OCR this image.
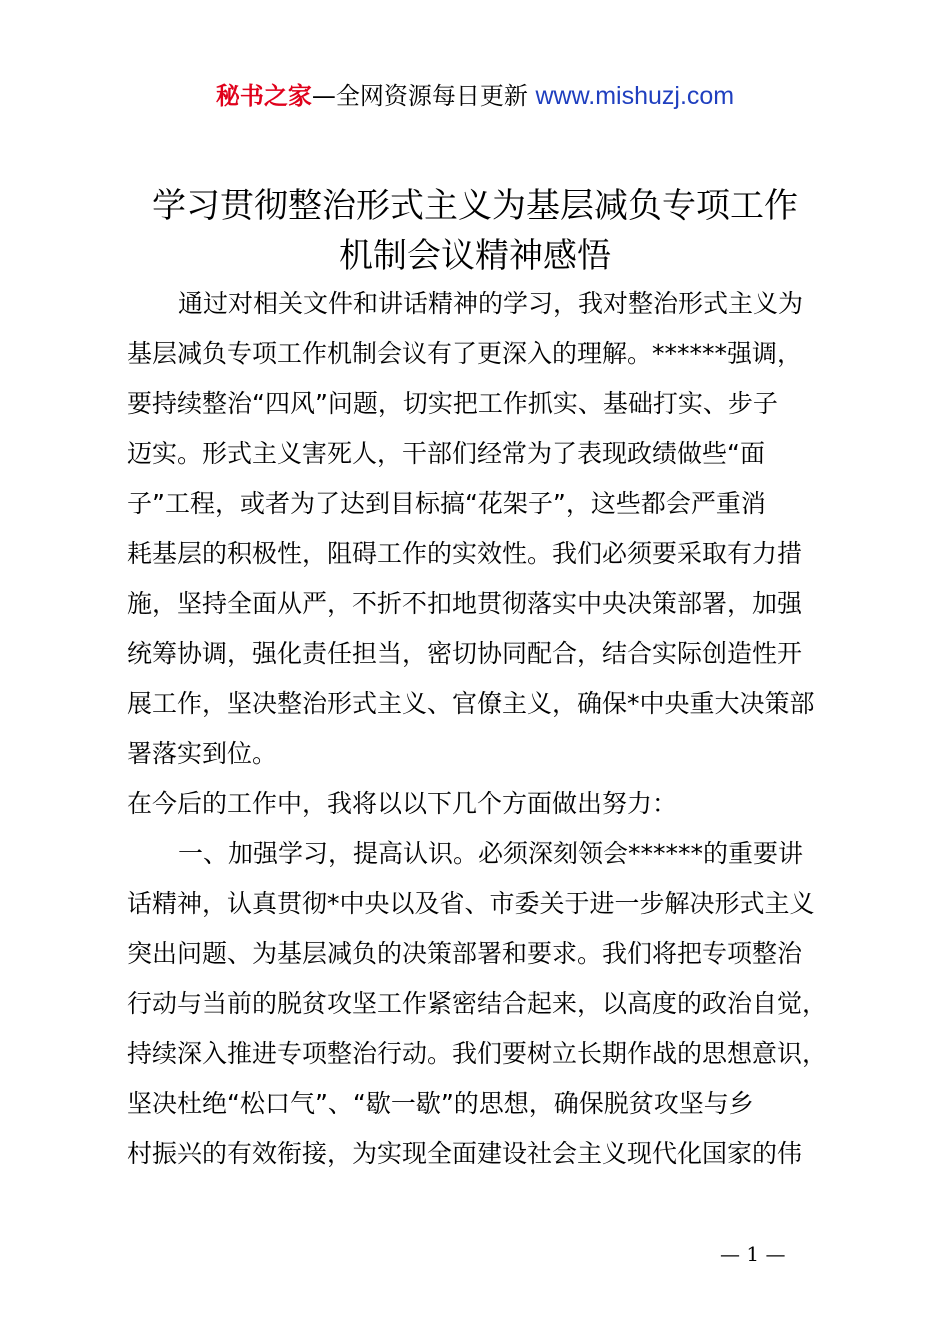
秘书之家—全网资源每日更新 www.mishuzj.com
学习贯彻整治形式主义为基层减负专项工作
机制会议精神感悟

通过对相关文件和讲话精神的学习，我对整治形式主义为

基层减负专项工作机制会议有了更深入的理解。******强调，

要持续整治“四风”问题，切实把工作抓实、基础打实、步子

迈实。形式主义害死人，干部们经常为了表现政绩做些“面

子”工程，或者为了达到目标搞“花架子”，这些都会严重消

耗基层的积极性，阻碍工作的实效性。我们必须要采取有力措

施，坚持全面从严，不折不扣地贯彻落实中央决策部署，加强

统筹协调，强化责任担当，密切协同配合，结合实际创造性开

展工作，坚决整治形式主义、官僚主义，确保*中央重大决策部

署落实到位。

在今后的工作中，我将以以下几个方面做出努力：

一、加强学习，提高认识。必须深刻领会******的重要讲

话精神，认真贯彻*中央以及省、市委关于进一步解决形式主义

突出问题、为基层减负的决策部署和要求。我们将把专项整治

行动与当前的脱贫攻坚工作紧密结合起来，以高度的政治自觉，

持续深入推进专项整治行动。我们要树立长期作战的思想意识，

坚决杜绝“松口气”、“歇一歇”的思想，确保脱贫攻坚与乡

村振兴的有效衔接，为实现全面建设社会主义现代化国家的伟

— 1 —
